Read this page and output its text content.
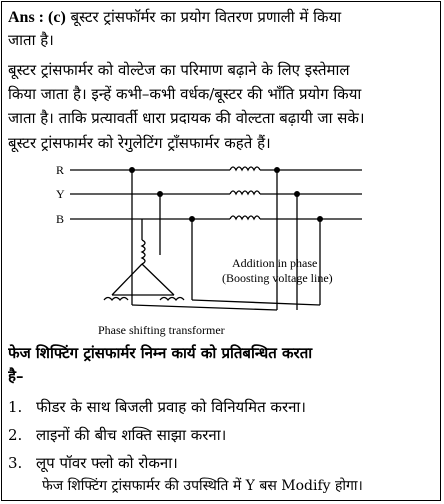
Ans : (c) बूस्टर ट्रांसफॉर्मर का प्रयोग वितरण प्रणाली में किया
जाता है।
बूस्टर ट्रांसफार्मर को वोल्टेज का परिमाण बढ़ाने के लिए इस्तेमाल
किया जाता है। इन्हें कभी–कभी वर्धक/बूस्टर की भाँति प्रयोग किया
जाता है। ताकि प्रत्यावर्ती धारा प्रदायक की वोल्टता बढ़ायी जा सके।
बूस्टर ट्रांसफार्मर को रेगुलेटिंग ट्राँसफार्मर कहते हैं।
R
Y
B
Addition in phase
(Boosting voltage line)
Phase shifting transformer
फेज शिफ्टिंग ट्रांसफार्मर निम्न कार्य को प्रतिबन्धित करता
है–
1. फीडर के साथ बिजली प्रवाह को विनियमित करना।
2. लाइनों की बीच शक्ति साझा करना।
3. लूप पॉवर फ्लो को रोकना।
फेज शिफ्टिंग ट्रांसफार्मर की उपस्थिति में Y बस Modify होगा।
